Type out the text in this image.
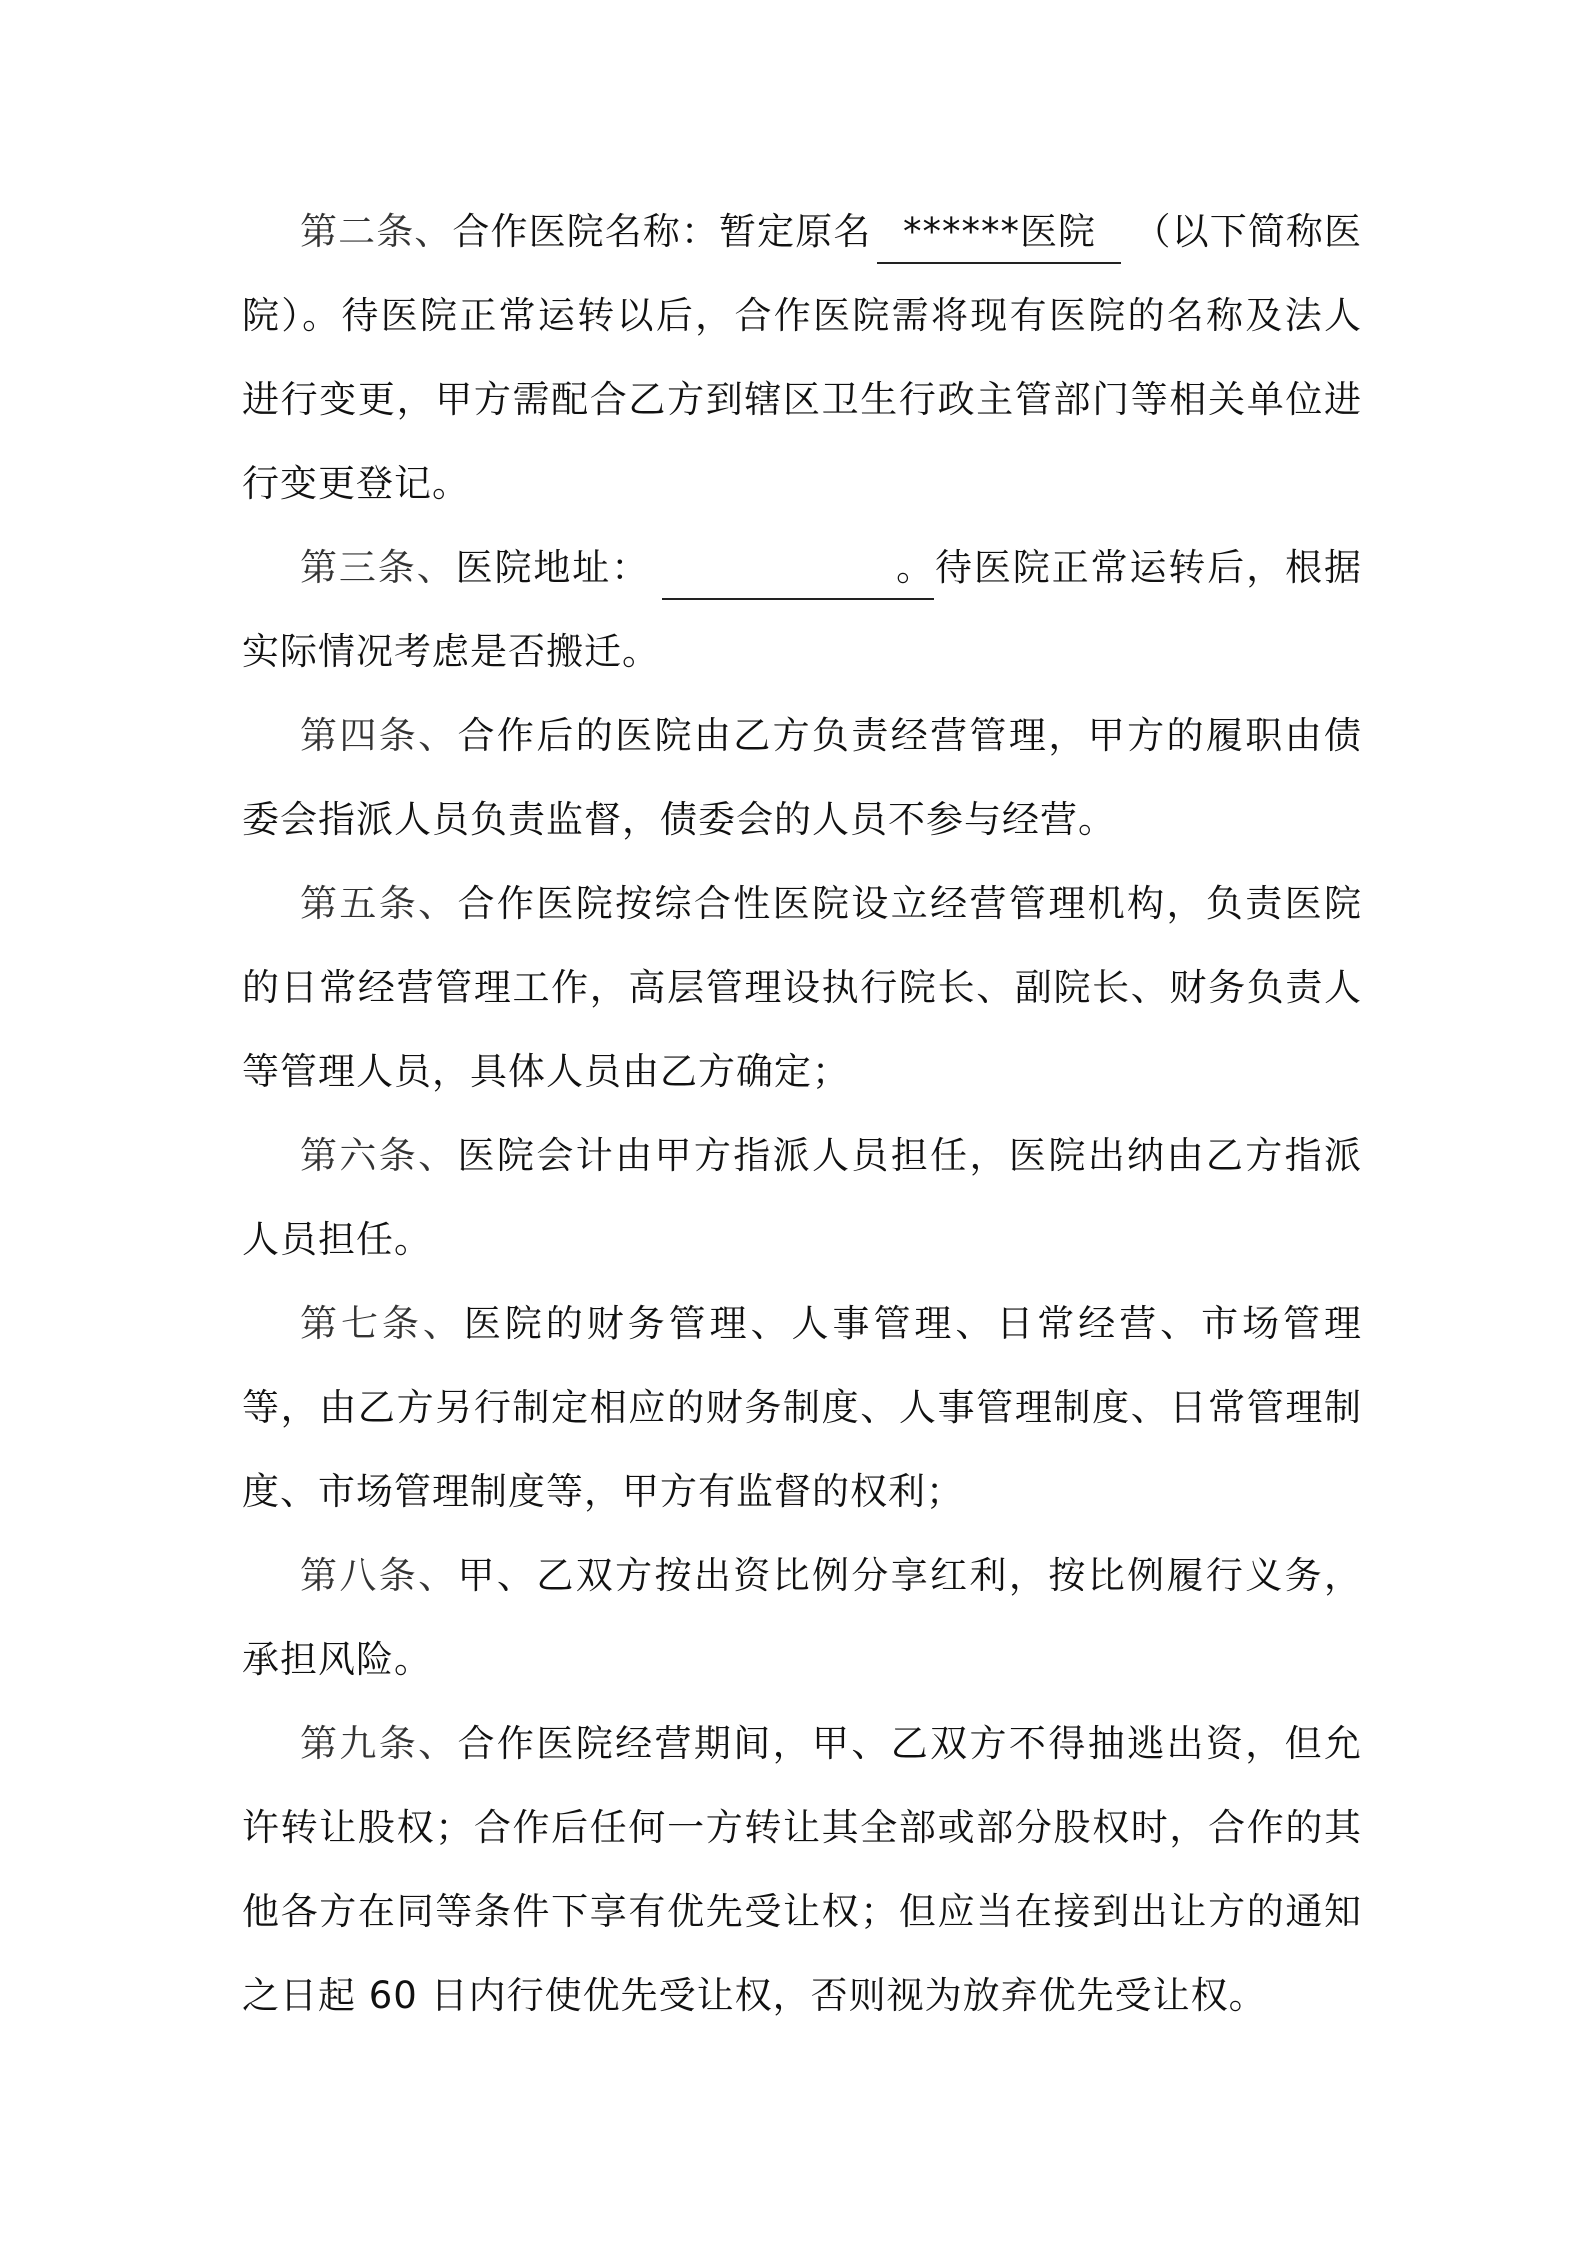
第二条、合作医院名称：暂定原名 ******医院 （以下简称医院）。待医院正常运转以后，合作医院需将现有医院的名称及法人进行变更，甲方需配合乙方到辖区卫生行政主管部门等相关单位进行变更登记。

第三条、医院地址：	。待医院正常运转后，根据实际情况考虑是否搬迁。

第四条、合作后的医院由乙方负责经营管理，甲方的履职由债委会指派人员负责监督，债委会的人员不参与经营。

第五条、合作医院按综合性医院设立经营管理机构，负责医院的日常经营管理工作，高层管理设执行院长、副院长、财务负责人等管理人员，具体人员由乙方确定；

第六条、医院会计由甲方指派人员担任，医院出纳由乙方指派人员担任。

第七条、医院的财务管理、人事管理、日常经营、市场管理等，由乙方另行制定相应的财务制度、人事管理制度、日常管理制度、市场管理制度等，甲方有监督的权利；

第八条、甲、乙双方按出资比例分享红利，按比例履行义务，承担风险。

第九条、合作医院经营期间，甲、乙双方不得抽逃出资，但允许转让股权；合作后任何一方转让其全部或部分股权时，合作的其他各方在同等条件下享有优先受让权；但应当在接到出让方的通知之日起 60 日内行使优先受让权，否则视为放弃优先受让权。
